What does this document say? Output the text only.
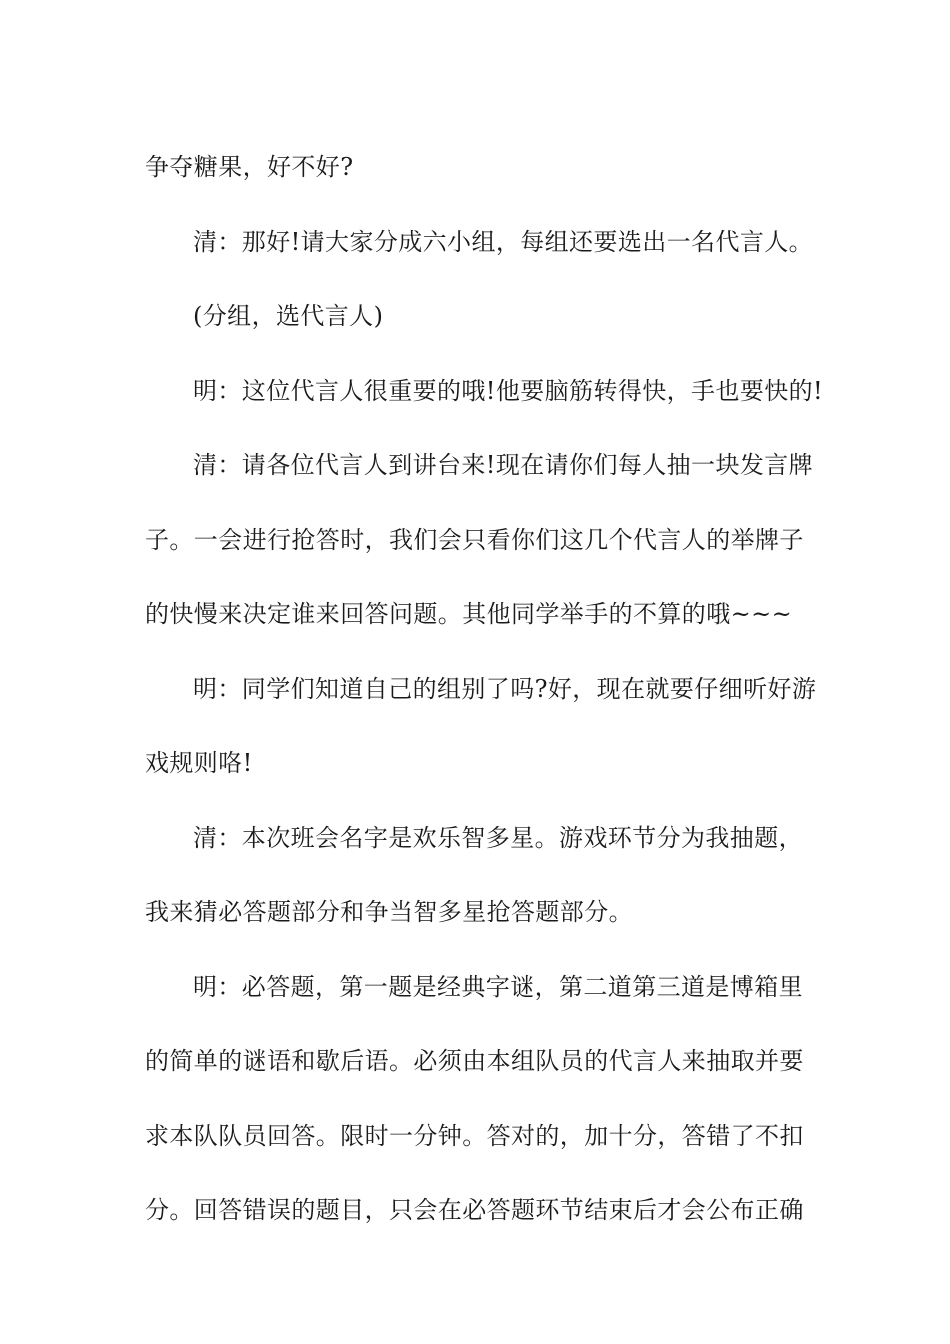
争夺糖果，好不好?
清：那好!请大家分成六小组，每组还要选出一名代言人。
(分组，选代言人)
明：这位代言人很重要的哦!他要脑筋转得快，手也要快的!
清：请各位代言人到讲台来!现在请你们每人抽一块发言牌
子。一会进行抢答时，我们会只看你们这几个代言人的举牌子
的快慢来决定谁来回答问题。其他同学举手的不算的哦~~~
明：同学们知道自己的组别了吗?好，现在就要仔细听好游
戏规则咯!
清：本次班会名字是欢乐智多星。游戏环节分为我抽题，
我来猜必答题部分和争当智多星抢答题部分。
明：必答题，第一题是经典字谜，第二道第三道是博箱里
的简单的谜语和歇后语。必须由本组队员的代言人来抽取并要
求本队队员回答。限时一分钟。答对的，加十分，答错了不扣
分。回答错误的题目，只会在必答题环节结束后才会公布正确
